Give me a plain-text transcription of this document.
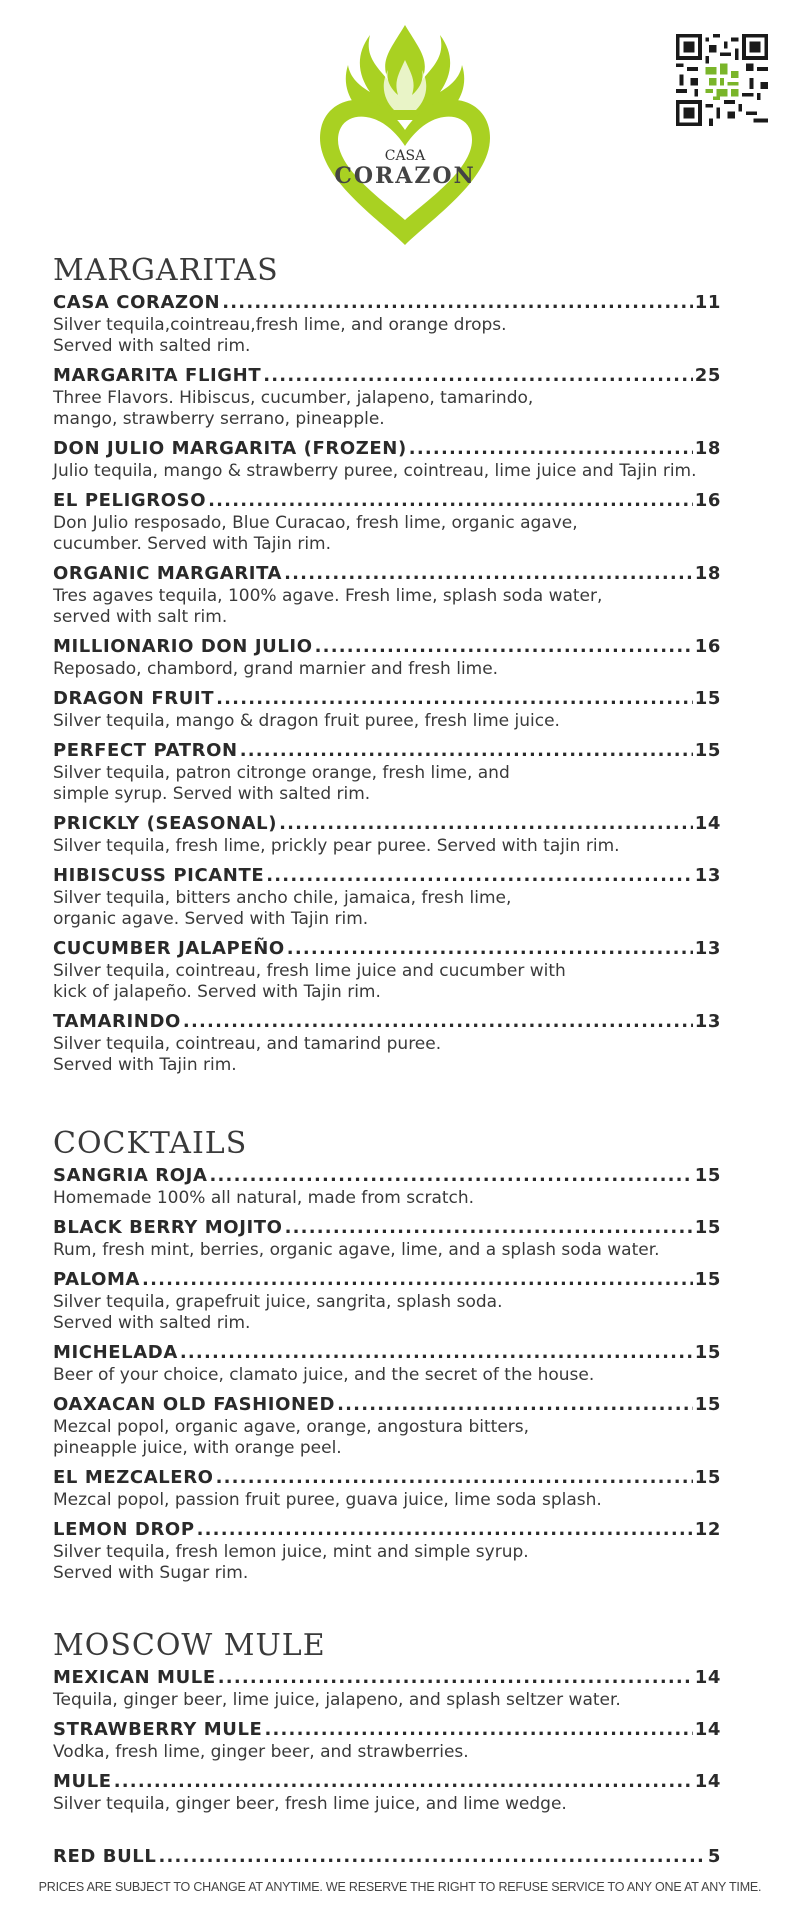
CASA
CORAZON
MARGARITAS
CASA CORAZON .....	11

Silver tequila,cointreau,fresh lime, and orange drops.
Served with salted rim.

MARGARITA FLIGHT .....	25

Three Flavors. Hibiscus, cucumber, jalapeno, tamarindo,
mango, strawberry serrano, pineapple.

DON JULIO MARGARITA (FROZEN) .....	18

Julio tequila, mango & strawberry puree, cointreau, lime juice and Tajin rim.

EL PELIGROSO .....	16

Don Julio resposado, Blue Curacao, fresh lime, organic agave,
cucumber. Served with Tajin rim.

ORGANIC MARGARITA .....	18

Tres agaves tequila, 100% agave. Fresh lime, splash soda water,
served with salt rim.

MILLIONARIO DON JULIO .....	16

Reposado, chambord, grand marnier and fresh lime.

DRAGON FRUIT .....	15

Silver tequila, mango & dragon fruit puree, fresh lime juice.

PERFECT PATRON .....	15

Silver tequila, patron citronge orange, fresh lime, and
simple syrup. Served with salted rim.

PRICKLY (SEASONAL) .....	14

Silver tequila, fresh lime, prickly pear puree. Served with tajin rim.

HIBISCUSS PICANTE .....	13

Silver tequila, bitters ancho chile, jamaica, fresh lime,
organic agave. Served with Tajin rim.

CUCUMBER JALAPEÑO .....	13

Silver tequila, cointreau, fresh lime juice and cucumber with
kick of jalapeño. Served with Tajin rim.

TAMARINDO .....	13

Silver tequila, cointreau, and tamarind puree.
Served with Tajin rim.

COCKTAILS
SANGRIA ROJA .....	15

Homemade 100% all natural, made from scratch.

BLACK BERRY MOJITO .....	15

Rum, fresh mint, berries, organic agave, lime, and a splash soda water.

PALOMA .....	15

Silver tequila, grapefruit juice, sangrita, splash soda.
Served with salted rim.

MICHELADA .....	15

Beer of your choice, clamato juice, and the secret of the house.

OAXACAN OLD FASHIONED .....	15

Mezcal popol, organic agave, orange, angostura bitters,
pineapple juice, with orange peel.

EL MEZCALERO .....	15

Mezcal popol, passion fruit puree, guava juice, lime soda splash.

LEMON DROP .....	12

Silver tequila, fresh lemon juice, mint and simple syrup.
Served with Sugar rim.

MOSCOW MULE
MEXICAN MULE .....	14

Tequila, ginger beer, lime juice, jalapeno, and splash seltzer water.

STRAWBERRY MULE .....	14

Vodka, fresh lime, ginger beer, and strawberries.

MULE .....	14

Silver tequila, ginger beer, fresh lime juice, and lime wedge.

RED BULL .....	5
PRICES ARE SUBJECT TO CHANGE AT ANYTIME. WE RESERVE THE RIGHT TO REFUSE SERVICE TO ANY ONE AT ANY TIME.
